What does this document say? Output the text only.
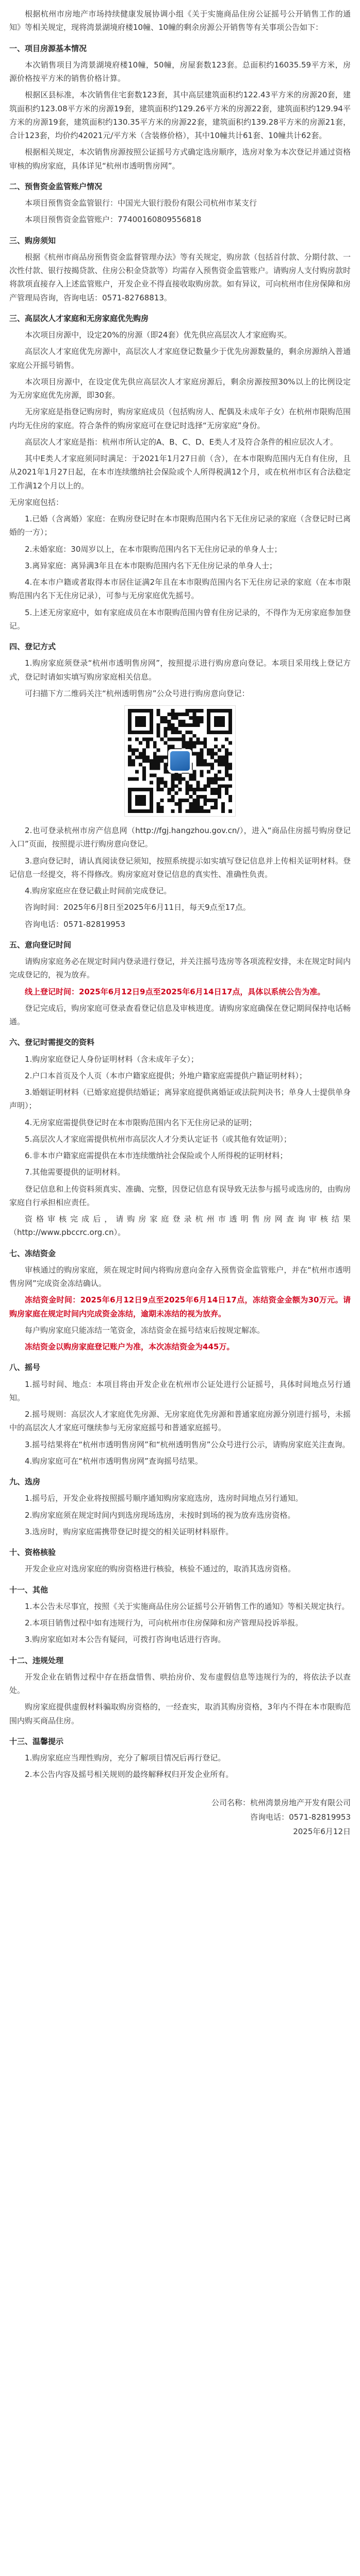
根据杭州市房地产市场持续健康发展协调小组《关于实施商品住房公证摇号公开销售工作的通知》等相关规定，现将湾景湖境府楼10幢、10幢的剩余房源公开销售等有关事项公告如下：

一、项目房源基本情况

本次销售项目为湾景湖境府楼10幢，50幢，房屋套数123套。总面积约16035.59平方米，房源价格按平方米的销售价格计算。

根据区县标准，本次销售住宅套数123套，其中高层建筑面积约122.43平方米的房源20套，建筑面积约123.08平方米的房源19套，建筑面积约129.26平方米的房源22套，建筑面积约129.94平方米的房源19套，建筑面积约130.35平方米的房源22套，建筑面积约139.28平方米的房源21套，合计123套，均价约42021元/平方米（含装修价格），其中10幢共计61套、10幢共计62套。

根据相关规定，本次销售房源按照公证摇号方式确定选房顺序，选房对象为本次登记并通过资格审核的购房家庭，具体详见“杭州市透明售房网”。

二、预售资金监管账户情况

本项目预售资金监管银行：中国光大银行股份有限公司杭州市某支行

本项目预售资金监管账户：77400160809556818

三、购房须知

根据《杭州市商品房预售资金监督管理办法》等有关规定，购房款（包括首付款、分期付款、一次性付款、银行按揭贷款、住房公积金贷款等）均需存入预售资金监管账户。请购房人支付购房款时将款项直接存入上述监管账户，开发企业不得直接收取购房款。如有异议，可向杭州市住房保障和房产管理局咨询，咨询电话：0571-82768813。

三、高层次人才家庭和无房家庭优先购房

本次项目房源中，设定20%的房源（即24套）优先供应高层次人才家庭购买。

高层次人才家庭优先房源中，高层次人才家庭登记数量少于优先房源数量的，剩余房源纳入普通家庭公开摇号销售。

本次项目房源中，在设定优先供应高层次人才家庭房源后，剩余房源按照30%以上的比例设定为无房家庭优先房源，即30套。

无房家庭是指登记购房时，购房家庭成员（包括购房人、配偶及未成年子女）在杭州市限购范围内均无住房的家庭。符合条件的购房家庭可在登记时选择“无房家庭”身份。

高层次人才家庭是指：杭州市所认定的A、B、C、D、E类人才及符合条件的相应层次人才。

其中E类人才家庭须同时满足：于2021年1月27日前（含），在本市限购范围内无自有住房，且从2021年1月27日起，在本市连续缴纳社会保险或个人所得税满12个月，或在杭州市区有合法稳定工作满12个月以上的。

无房家庭包括：

1.已婚（含离婚）家庭：在购房登记时在本市限购范围内名下无住房记录的家庭（含登记时已离婚的一方）；

2.未婚家庭：30周岁以上，在本市限购范围内名下无住房记录的单身人士；

3.离异家庭：离异满3年且在本市限购范围内名下无住房记录的单身人士；

4.在本市户籍或者取得本市居住证满2年且在本市限购范围内名下无住房记录的家庭（在本市限购范围内名下无住房记录），可参与无房家庭优先摇号。

5.上述无房家庭中，如有家庭成员在本市限购范围内曾有住房记录的，不得作为无房家庭参加登记。

四、登记方式

1.购房家庭须登录“杭州市透明售房网”，按照提示进行购房意向登记。本项目采用线上登记方式，登记时请如实填写购房家庭相关信息。

可扫描下方二维码关注“杭州透明售房”公众号进行购房意向登记：

2.也可登录杭州市房产信息网（http://fgj.hangzhou.gov.cn/），进入“商品住房摇号购房登记入口”页面，按照提示进行购房意向登记。

3.意向登记时，请认真阅读登记须知，按照系统提示如实填写登记信息并上传相关证明材料。登记信息一经提交，将不得修改。购房家庭对登记信息的真实性、准确性负责。

4.购房家庭应在登记截止时间前完成登记。

咨询时间：2025年6月8日至2025年6月11日，每天9点至17点。

咨询电话：0571-82819953

五、意向登记时间

请购房家庭务必在规定时间内登录进行登记，并关注摇号选房等各项流程安排，未在规定时间内完成登记的，视为放弃。

线上登记时间：2025年6月12日9点至2025年6月14日17点，具体以系统公告为准。

登记完成后，购房家庭可登录查看登记信息及审核进度。请购房家庭确保在登记期间保持电话畅通。

六、登记时需提交的资料

1.购房家庭登记人身份证明材料（含未成年子女）；

2.户口本首页及个人页（本市户籍家庭提供；外地户籍家庭需提供户籍证明材料）；

3.婚姻证明材料（已婚家庭提供结婚证；离异家庭提供离婚证或法院判决书；单身人士提供单身声明）；

4.无房家庭需提供登记时在本市限购范围内名下无住房记录的证明；

5.高层次人才家庭需提供杭州市高层次人才分类认定证书（或其他有效证明）；

6.非本市户籍家庭需提供在本市连续缴纳社会保险或个人所得税的证明材料；

7.其他需要提供的证明材料。

登记信息和上传资料须真实、准确、完整，因登记信息有误导致无法参与摇号或选房的，由购房家庭自行承担相应责任。

资格审核完成后，请购房家庭登录杭州市透明售房网查询审核结果（http://www.pbccrc.org.cn）。

七、冻结资金

审核通过的购房家庭，须在规定时间内将购房意向金存入预售资金监管账户，并在“杭州市透明售房网”完成资金冻结确认。

冻结资金时间：2025年6月12日9点至2025年6月14日17点，冻结资金金额为30万元。请购房家庭在规定时间内完成资金冻结，逾期未冻结的视为放弃。

每户购房家庭只能冻结一笔资金，冻结资金在摇号结束后按规定解冻。

冻结资金以购房家庭登记账户为准，本次冻结资金为445万。

八、摇号

1.摇号时间、地点：本项目将由开发企业在杭州市公证处进行公证摇号，具体时间地点另行通知。

2.摇号规则：高层次人才家庭优先房源、无房家庭优先房源和普通家庭房源分别进行摇号，未摇中的高层次人才家庭可继续参与无房家庭摇号和普通家庭摇号。

3.摇号结果将在“杭州市透明售房网”和“杭州透明售房”公众号进行公示，请购房家庭关注查询。

4.购房家庭可在“杭州市透明售房网”查询摇号结果。

九、选房

1.摇号后，开发企业将按照摇号顺序通知购房家庭选房，选房时间地点另行通知。

2.购房家庭须在规定时间内到选房现场选房，未按时到场的视为放弃选房资格。

3.选房时，购房家庭需携带登记时提交的相关证明材料原件。

十、资格核验

开发企业应对选房家庭的购房资格进行核验，核验不通过的，取消其选房资格。

十一、其他

1.本公告未尽事宜，按照《关于实施商品住房公证摇号公开销售工作的通知》等相关规定执行。

2.本项目销售过程中如有违规行为，可向杭州市住房保障和房产管理局投诉举报。

3.购房家庭如对本公告有疑问，可拨打咨询电话进行咨询。

十二、违规处理

开发企业在销售过程中存在捂盘惜售、哄抬房价、发布虚假信息等违规行为的，将依法予以查处。

购房家庭提供虚假材料骗取购房资格的，一经查实，取消其购房资格，3年内不得在本市限购范围内购买商品住房。

十三、温馨提示

1.购房家庭应当理性购房，充分了解项目情况后再行登记。

2.本公告内容及摇号相关规则的最终解释权归开发企业所有。

公司名称：杭州湾景房地产开发有限公司

咨询电话：0571-82819953

2025年6月12日
